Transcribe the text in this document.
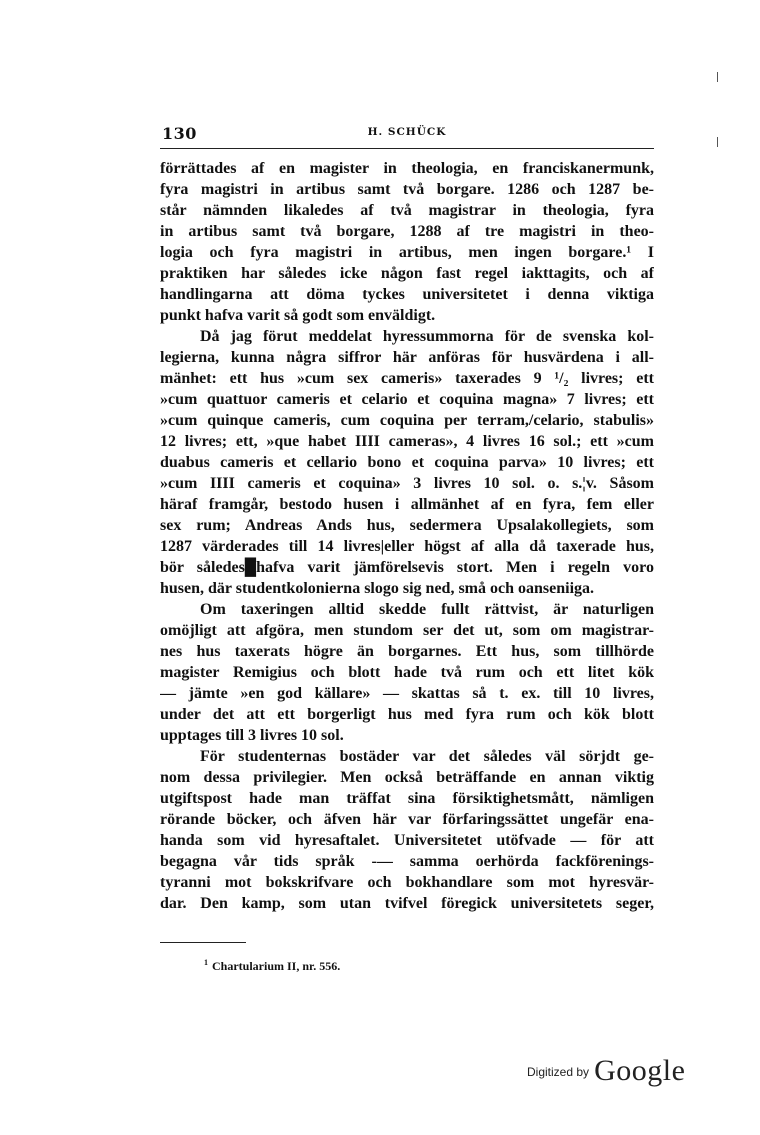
130	H. SCHÜCK
förrättades af en magister in theologia, en franciskanermunk,
fyra magistri in artibus samt två borgare. 1286 och 1287 be-
står nämnden likaledes af två magistrar in theologia, fyra
in artibus samt två borgare, 1288 af tre magistri in theo-
logia och fyra magistri in artibus, men ingen borgare.¹ I
praktiken har således icke någon fast regel iakttagits, och af
handlingarna att döma tyckes universitetet i denna viktiga
punkt hafva varit så godt som enväldigt.
Då jag förut meddelat hyressummorna för de svenska kol-
legierna, kunna några siffror här anföras för husvärdena i all-
mänhet: ett hus »cum sex cameris» taxerades 9 ¹/₂ livres; ett
»cum quattuor cameris et celario et coquina magna» 7 livres; ett
»cum quinque cameris, cum coquina per terram,/celario, stabulis»
12 livres; ett, »que habet IIII cameras», 4 livres 16 sol.; ett »cum
duabus cameris et cellario bono et coquina parva» 10 livres; ett
»cum IIII cameris et coquina» 3 livres 10 sol. o. s.¦v. Såsom
häraf framgår, bestodo husen i allmänhet af en fyra, fem eller
sex rum; Andreas Ands hus, sedermera Upsalakollegiets, som
1287 värderades till 14 livres|eller högst af alla då taxerade hus,
bör således█hafva varit jämförelsevis stort. Men i regeln voro
husen, där studentkolonierna slogo sig ned, små och oanseniiga.
Om taxeringen alltid skedde fullt rättvist, är naturligen
omöjligt att afgöra, men stundom ser det ut, som om magistrar-
nes hus taxerats högre än borgarnes. Ett hus, som tillhörde
magister Remigius och blott hade två rum och ett litet kök
— jämte »en god källare» — skattas så t. ex. till 10 livres,
under det att ett borgerligt hus med fyra rum och kök blott
upptages till 3 livres 10 sol.
För studenternas bostäder var det således väl sörjdt ge-
nom dessa privilegier. Men också beträffande en annan viktig
utgiftspost hade man träffat sina försiktighetsmått, nämligen
rörande böcker, och äfven här var förfaringssättet ungefär ena-
handa som vid hyresaftalet. Universitetet utöfvade — för att
begagna vår tids språk -— samma oerhörda fackförenings-
tyranni mot bokskrifvare och bokhandlare som mot hyresvär-
dar. Den kamp, som utan tvifvel föregick universitetets seger,
$^1$ Chartularium II, nr. 556.
$^{Digitized by}$ Google
